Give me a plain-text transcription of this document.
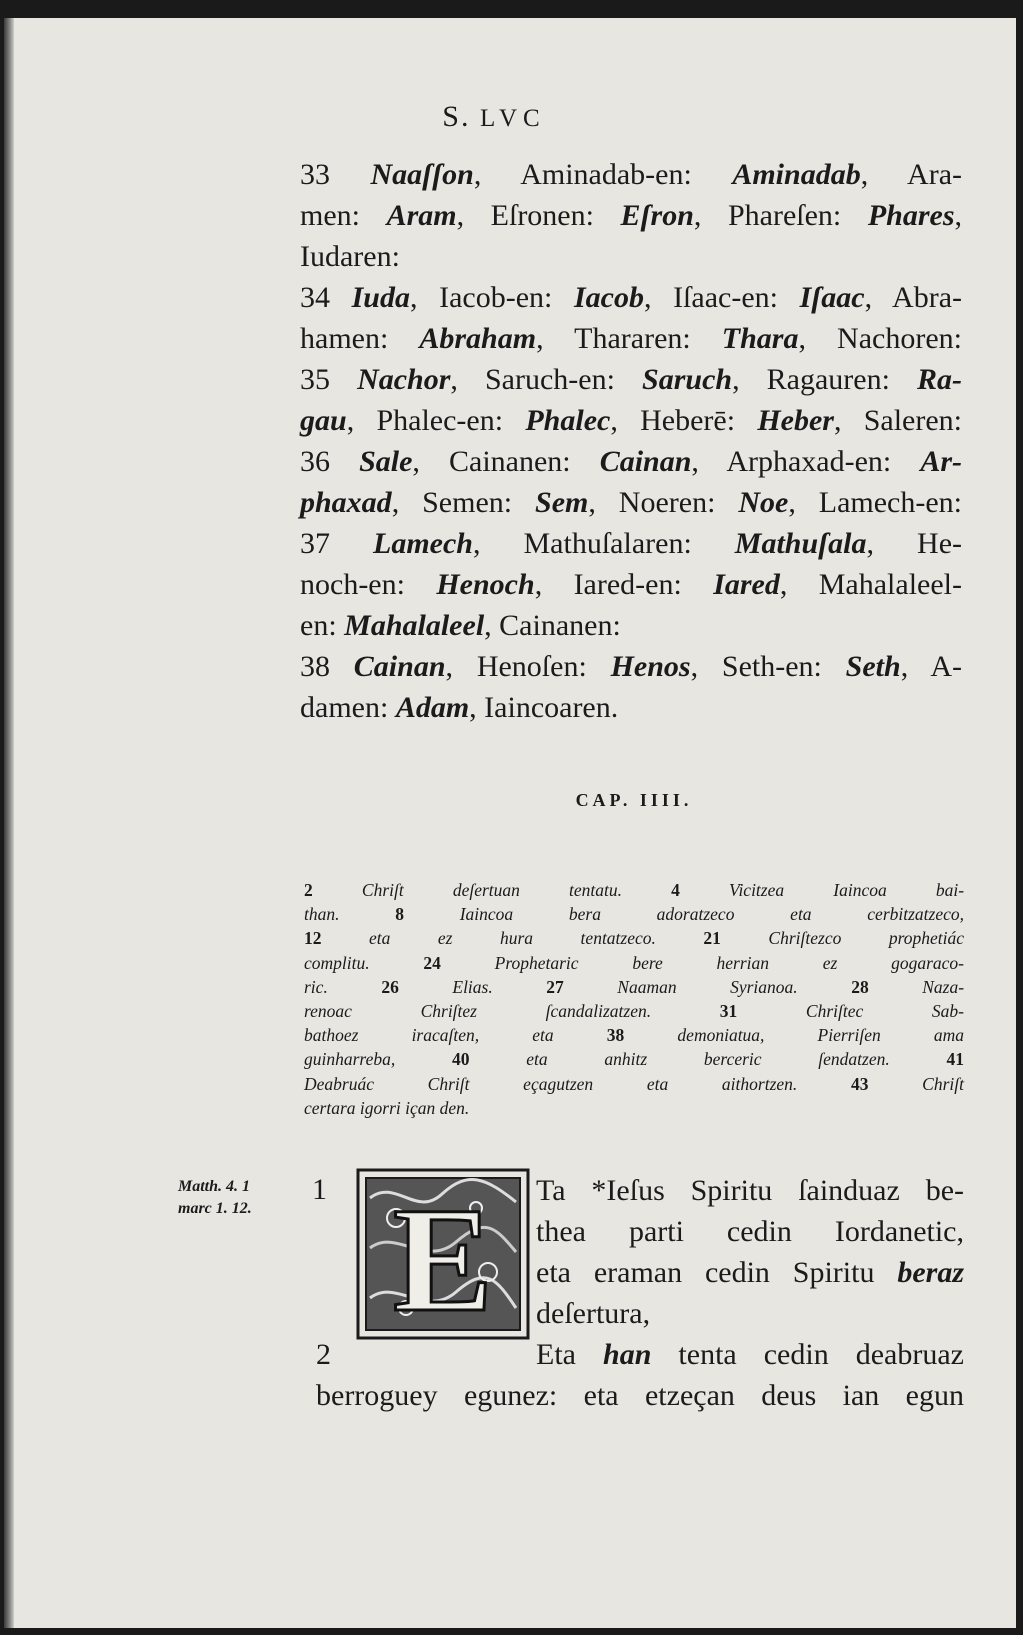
S. LVC
33 Naaſſon, Aminadab-en: Aminadab, Ara-
men: Aram, Eſronen: Eſron, Phareſen: Phares,
Iudaren:
34 Iuda, Iacob-en: Iacob, Iſaac-en: Iſaac, Abra-
hamen: Abraham, Thararen: Thara, Nachoren:
35 Nachor, Saruch-en: Saruch, Ragauren: Ra-
gau, Phalec-en: Phalec, Heberē: Heber, Saleren:
36 Sale, Cainanen: Cainan, Arphaxad-en: Ar-
phaxad, Semen: Sem, Noeren: Noe, Lamech-en:
37 Lamech, Mathuſalaren: Mathuſala, He-
noch-en: Henoch, Iared-en: Iared, Mahalaleel-
en: Mahalaleel, Cainanen:
38 Cainan, Henoſen: Henos, Seth-en: Seth, A-
damen: Adam, Iaincoaren.
CAP. IIII.
2 Chriſt deſertuan tentatu. 4 Vicitzea Iaincoa bai-
than. 8 Iaincoa bera adoratzeco eta cerbitzatzeco,
12 eta ez hura tentatzeco. 21 Chriſtezco prophetiác
complitu. 24 Prophetaric bere herrian ez gogaraco-
ric. 26 Elias. 27 Naaman Syrianoa. 28 Naza-
renoac Chriſtez ſcandalizatzen. 31 Chriſtec Sab-
bathoez iracaſten, eta 38 demoniatua, Pierriſen ama
guinharreba, 40 eta anhitz berceric ſendatzen. 41
Deabruác Chriſt eçagutzen eta aithortzen. 43 Chriſt
certara igorri içan den.
Matth. 4. 1
marc 1. 12.
1 E Ta *Ieſus Spiritu ſainduaz be-
thea parti cedin Iordanetic,
eta eraman cedin Spiritu beraz
deſertura,
2	Eta han tenta cedin deabruaz
berroguey egunez: eta etzeçan deus ian egun
